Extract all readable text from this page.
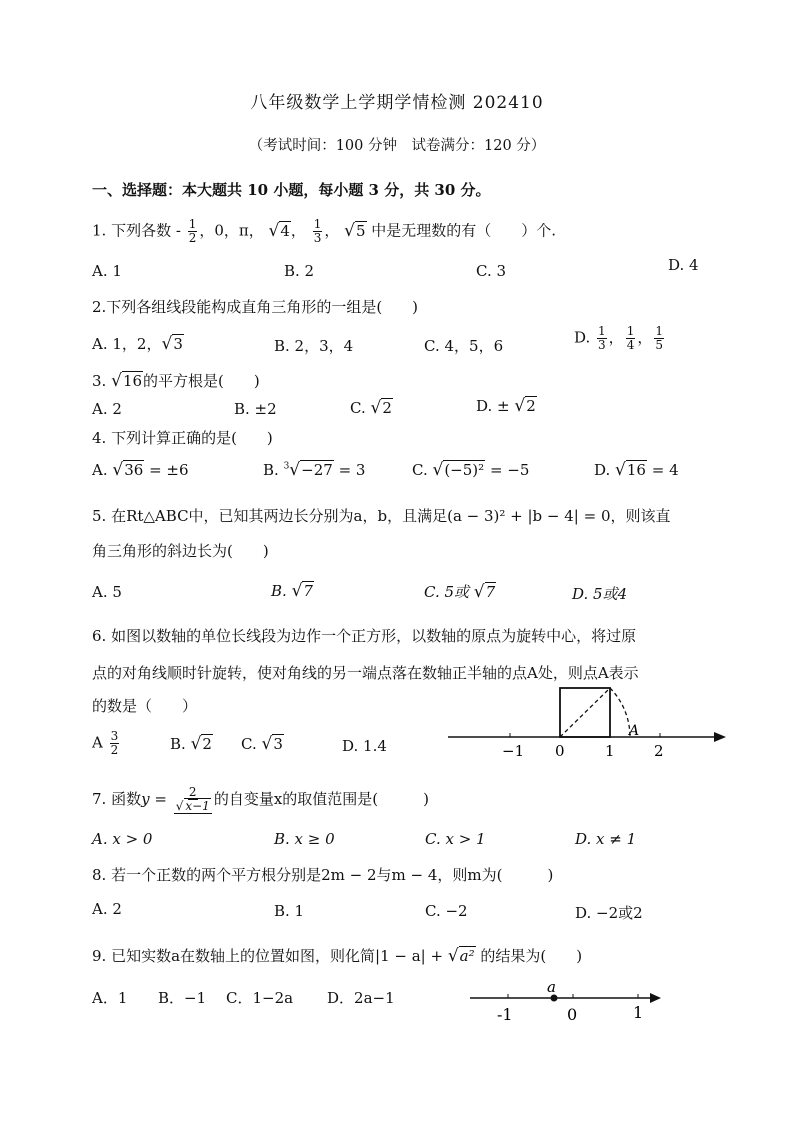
八年级数学上学期学情检测 202410
（考试时间：100 分钟　试卷满分：120 分）
一、选择题：本大题共 10 小题，每小题 3 分，共 30 分。
1. 下列各数 - $\frac{1}{2}$ ，0，π， √4， $\frac{1}{3}$ ， √5 中是无理数的有（　　）个.
A. 1	B. 2	C. 3	D. 4
2.下列各组线段能构成直角三角形的一组是(　　)
A. 1，2，√3	B. 2，3，4	C. 4，5，6	D. $\frac{1}{3}$ ， $\frac{1}{4}$ ， $\frac{1}{5}$
3. √16的平方根是(　　)
A. 2	B. ±2	C. √2	D. ± √2
4. 下列计算正确的是(　　)
A. √36 = ±6	B. $^3$√−27 = 3	C. √(−5)² = −5	D. √16 = 4
5. 在Rt△ABC中，已知其两边长分别为a，b，且满足(a − 3)² + |b − 4| = 0，则该直
角三角形的斜边长为(　　)
A. 5	B. √7	C. 5或 √7	D. 5或4
6. 如图以数轴的单位长线段为边作一个正方形，以数轴的原点为旋转中心，将过原
点的对角线顺时针旋转，使对角线的另一端点落在数轴正半轴的点A处，则点A表示
的数是（　　）
A $\frac{3}{2}$	B. √2 C. √3	D. 1.4	−1 0	1	2
A
7. 函数$y = \frac{2}{√ x-1}$ 的自变量x的取值范围是(　　　)
A. x > 0	B. x ≥ 0	C. x > 1	D. x ≠ 1
8. 若一个正数的两个平方根分别是2m − 2与m − 4，则m为(　　　)
A. 2	B. 1	C. −2	D. −2或2
9. 已知实数a在数轴上的位置如图，则化简|1 − a| + √a² 的结果为(　　)
A．1 B．−1 C．1−2a D．2a−1
a
-1	0	1
